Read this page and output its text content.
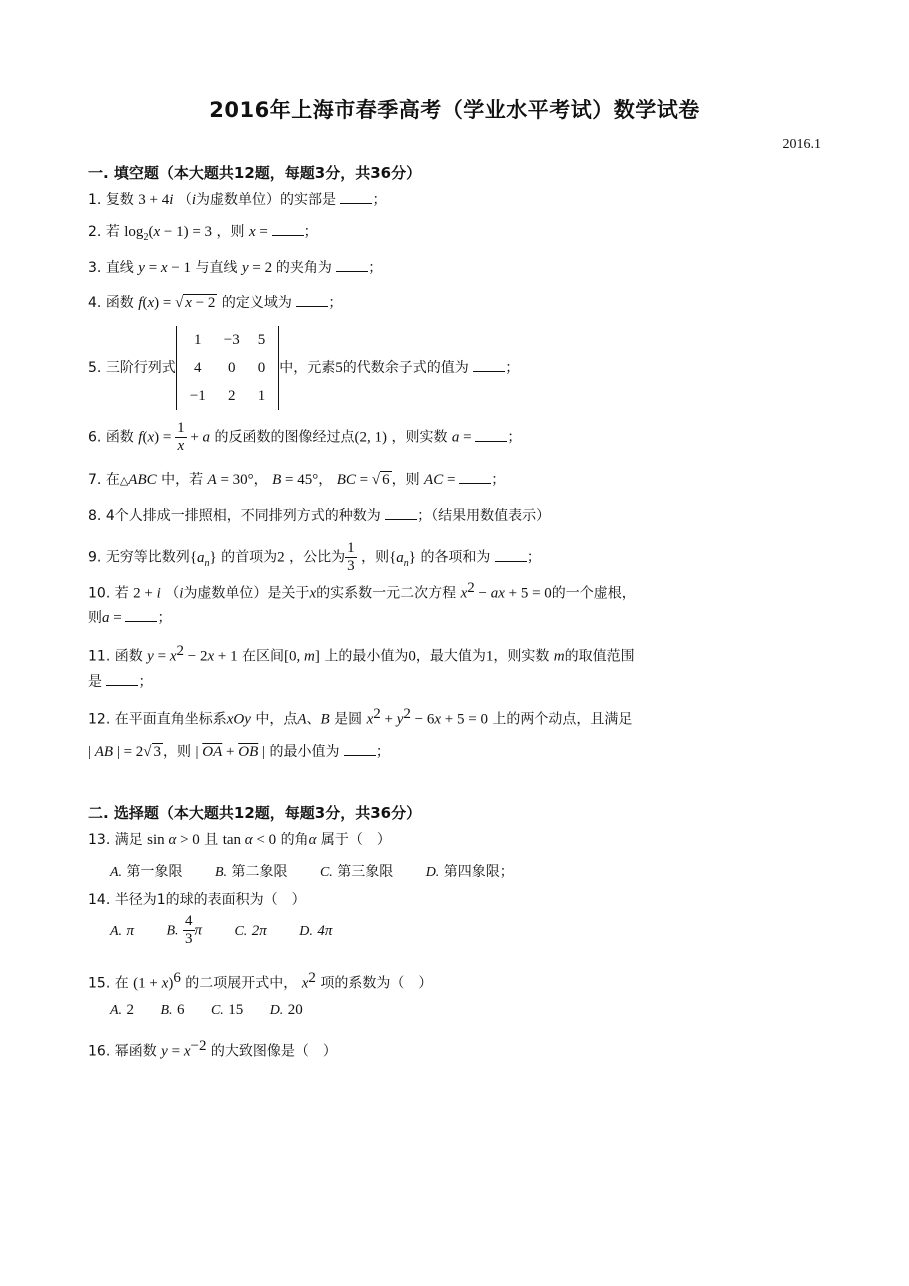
2016年上海市春季高考（学业水平考试）数学试卷
2016.1
一. 填空题（本大题共12题，每题3分，共36分）
1. 复数 3 + 4i （i为虚数单位）的实部是	；
2. 若 $\log_2(x - 1) = 3$ ，则 x = ；
3. 直线 y = x − 1 与直线 y = 2 的夹角为	；
4. 函数 f(x) = √ x − 2 的定义域为	；
5. 三阶行列式
1	−3	5
4	0	0
−1	2	1
中，元素5的代数余子式的值为	；
6. 函数 $f(x) = \frac{1}{x} + a$ 的反函数的图像经过点(2, 1) ，则实数 a = ；
7. 在△ABC 中，若 A = 30°， B = 45°， BC = √ 6 ，则 AC = ；
8. 4个人排成一排照相，不同排列方式的种数为	；（结果用数值表示）
9. 无穷等比数列$\{a_n\}$ 的首项为2 ，公比为 $\frac{1}{3}$ ，则$\{a_n\}$ 的各项和为	；
10. 若 2 + i （i为虚数单位）是关于x的实系数一元二次方程 $x^2$ − ax + 5 = 0的一个虚根，
则a = ；
11. 函数 $y = x^2 - 2x + 1$ 在区间[0, m] 上的最小值为0，最大值为1，则实数 m的取值范围
是	；
12. 在平面直角坐标系xOy 中，点A、B 是圆 $x^2 + y^2 - 6x + 5 = 0$ 上的两个动点，且满足
| AB | = 2√ 3 ，则 | $\overline{OA} + \overline{OB}$ | 的最小值为	；
二. 选择题（本大题共12题，每题3分，共36分）
13. 满足 sin α > 0 且 tan α < 0 的角α 属于（　）
A. 第一象限 B. 第二象限 C. 第三象限 D. 第四象限；
14. 半径为1的球的表面积为（　）
A. π B. $\frac{4}{3}$ π C. 2π D. 4π
15. 在 $(1 + x)^6$ 的二项展开式中， $x^2$ 项的系数为（　）
A. 2 B. 6 C. 15 D. 20
16. 幂函数 $y = x^{-2}$ 的大致图像是（　）
